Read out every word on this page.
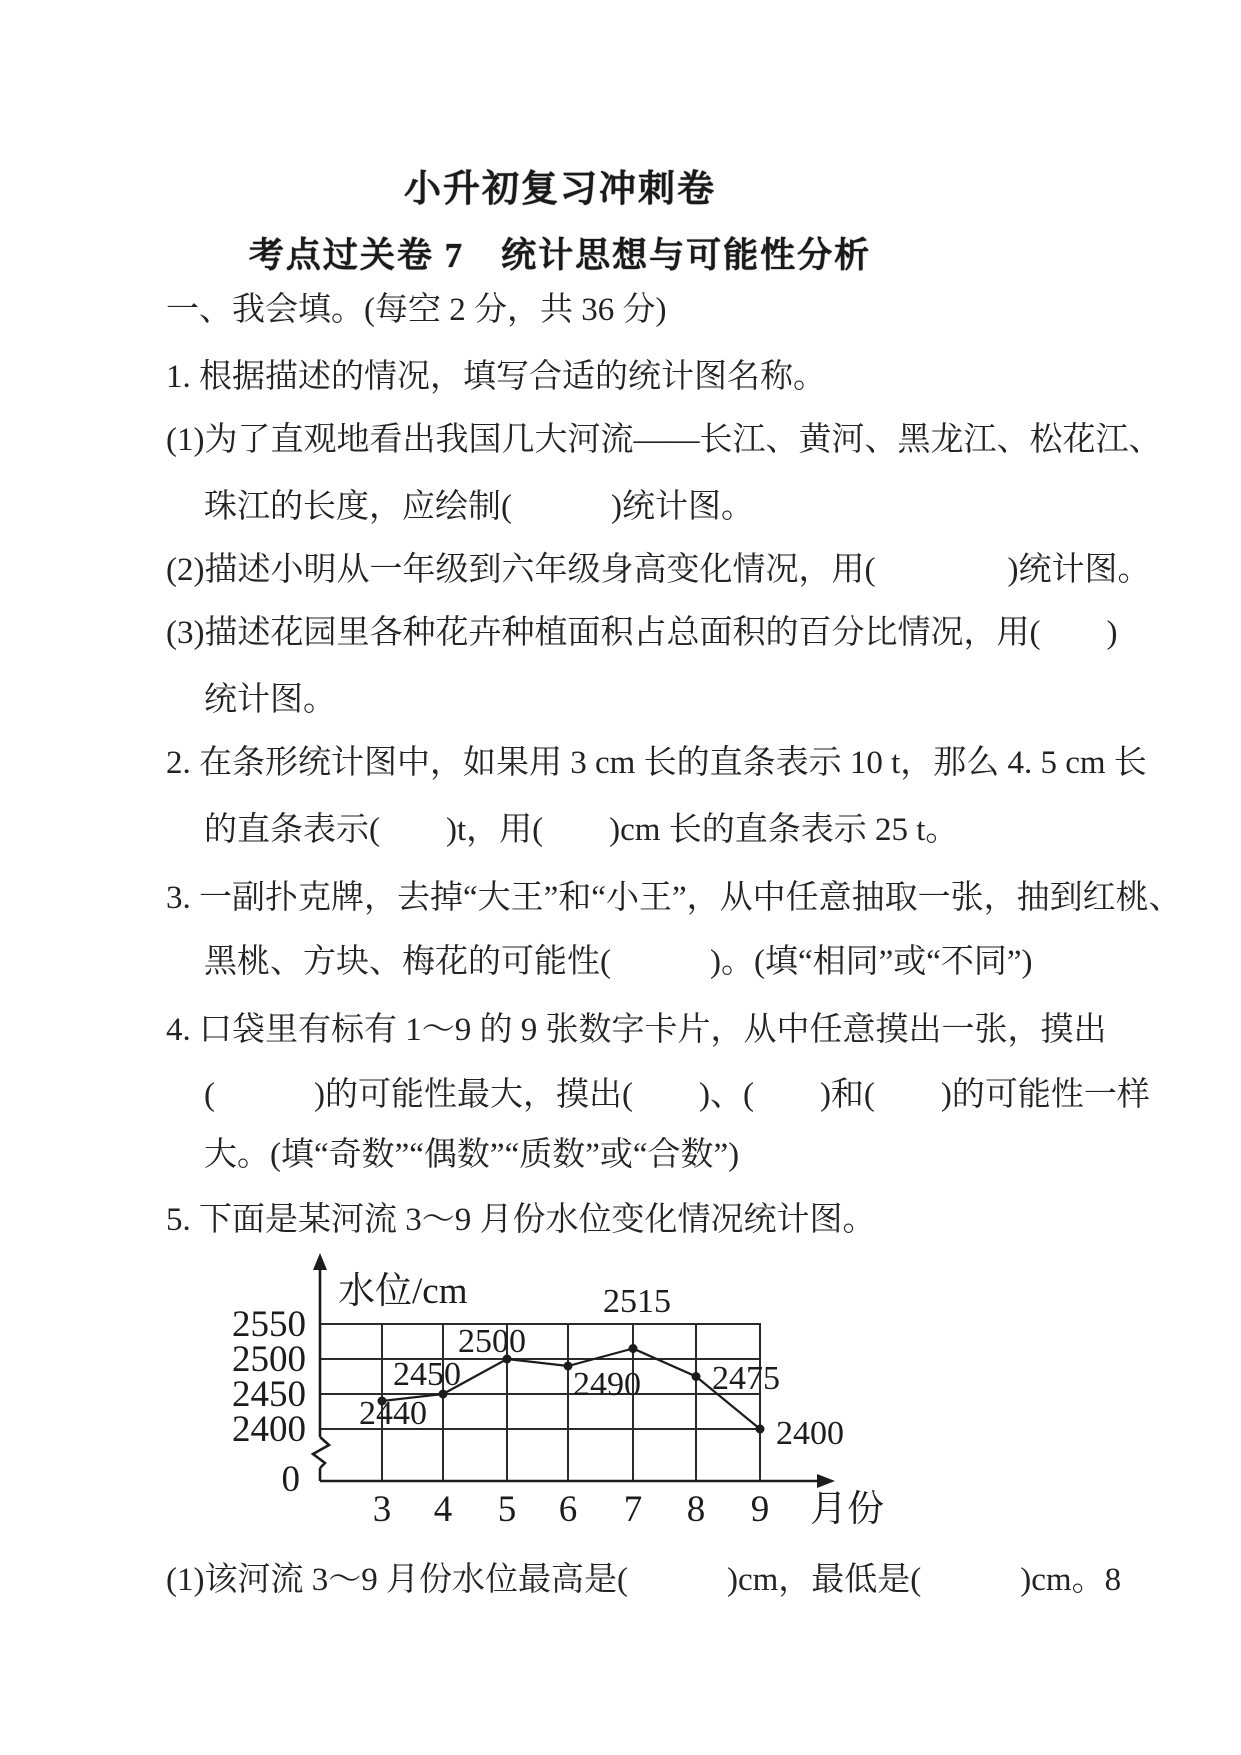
小升初复习冲刺卷
考点过关卷 7　统计思想与可能性分析

一、我会填。(每空 2 分，共 36 分)

1. 根据描述的情况，填写合适的统计图名称。

(1)为了直观地看出我国几大河流——长江、黄河、黑龙江、松花江、

珠江的长度，应绘制(　　　)统计图。

(2)描述小明从一年级到六年级身高变化情况，用(　　　　)统计图。

(3)描述花园里各种花卉种植面积占总面积的百分比情况，用(　　)

统计图。

2. 在条形统计图中，如果用 3 cm 长的直条表示 10 t，那么 4. 5 cm 长

的直条表示(　　)t，用(　　)cm 长的直条表示 25 t。

3. 一副扑克牌，去掉“大王”和“小王”，从中任意抽取一张，抽到红桃、

黑桃、方块、梅花的可能性(　　　)。(填“相同”或“不同”)

4. 口袋里有标有 1～9 的 9 张数字卡片，从中任意摸出一张，摸出

(　　　)的可能性最大，摸出(　　)、(　　)和(　　)的可能性一样

大。(填“奇数”“偶数”“质数”或“合数”)

5. 下面是某河流 3～9 月份水位变化情况统计图。

2550
2500
2450
2400
3 4 5 6 7 8 9
水位/cm
月份
0
2440
2450
2500
2490
2515
2475
2400

(1)该河流 3～9 月份水位最高是(　　　)cm，最低是(　　　)cm。8
